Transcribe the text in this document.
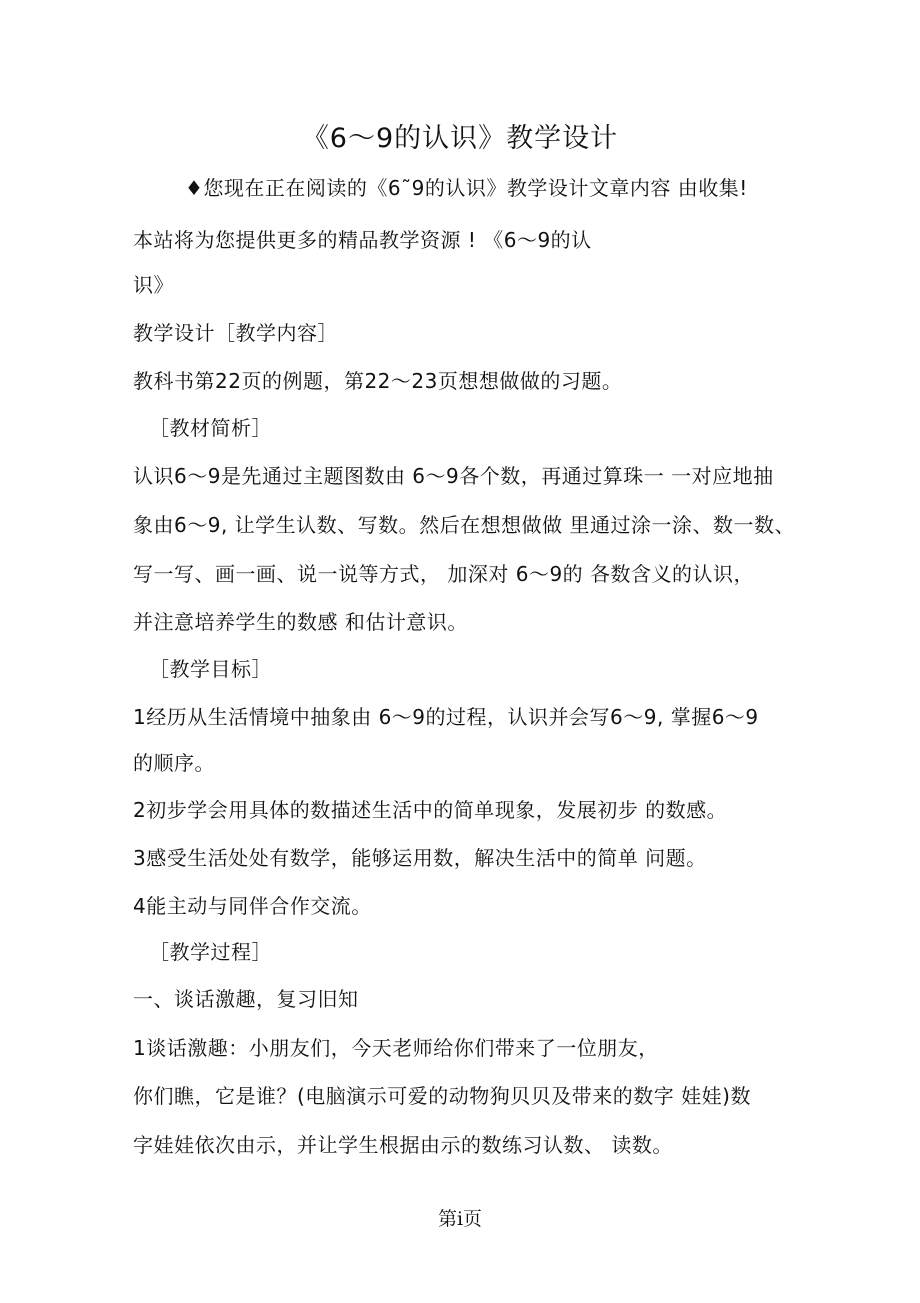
《6～9的认识》教学设计
♦您现在正在阅读的《6˜9的认识》教学设计文章内容 由收集!
本站将为您提供更多的精品教学资源 ! 《6～9的认
识》
教学设计［教学内容］
教科书第22页的例题，第22～23页想想做做的习题。
［教材简析］
认识6～9是先通过主题图数由 6～9各个数，再通过算珠一 一对应地抽
象由6～9, 让学生认数、写数。然后在想想做做 里通过涂一涂、数一数、
写一写、画一画、说一说等方式， 加深对 6～9的 各数含义的认识，
并注意培养学生的数感 和估计意识。
［教学目标］
1经历从生活情境中抽象由 6～9的过程，认识并会写6～9, 掌握6～9
的顺序。
2初步学会用具体的数描述生活中的简单现象，发展初步 的数感。
3感受生活处处有数学，能够运用数，解决生活中的简单 问题。
4能主动与同伴合作交流。
［教学过程］
一、谈话激趣，复习旧知
1谈话激趣：小朋友们，今天老师给你们带来了一位朋友，
你们瞧，它是谁？(电脑演示可爱的动物狗贝贝及带来的数字 娃娃)数
字娃娃依次由示，并让学生根据由示的数练习认数、 读数。
第i页
